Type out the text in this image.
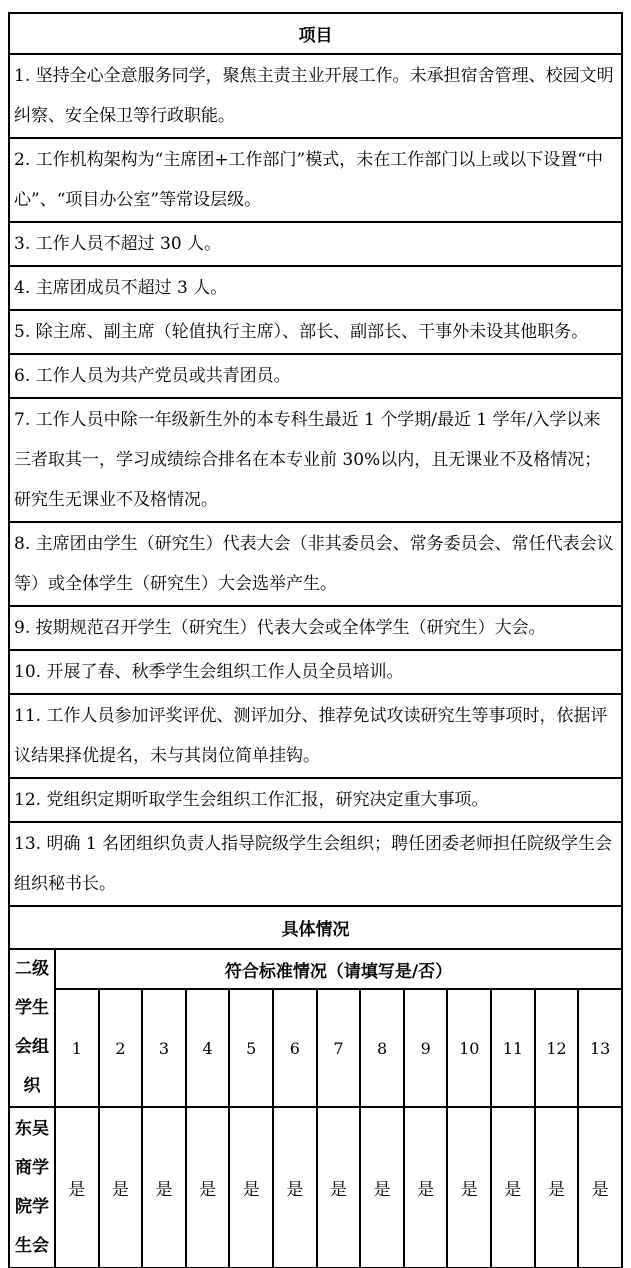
项目													
1. 坚持全心全意服务同学，聚焦主责主业开展工作。未承担宿舍管理、校园文明纠察、安全保卫等行政职能。													
2. 工作机构架构为“主席团+工作部门”模式，未在工作部门以上或以下设置“中心”、“项目办公室”等常设层级。													
3. 工作人员不超过 30 人。													
4. 主席团成员不超过 3 人。													
5. 除主席、副主席（轮值执行主席）、部长、副部长、干事外未设其他职务。													
6. 工作人员为共产党员或共青团员。													
7. 工作人员中除一年级新生外的本专科生最近 1 个学期/最近 1 学年/入学以来三者取其一，学习成绩综合排名在本专业前 30%以内，且无课业不及格情况；研究生无课业不及格情况。													
8. 主席团由学生（研究生）代表大会（非其委员会、常务委员会、常任代表会议等）或全体学生（研究生）大会选举产生。													
9. 按期规范召开学生（研究生）代表大会或全体学生（研究生）大会。													
10. 开展了春、秋季学生会组织工作人员全员培训。													
11. 工作人员参加评奖评优、测评加分、推荐免试攻读研究生等事项时，依据评议结果择优提名，未与其岗位简单挂钩。													
12. 党组织定期听取学生会组织工作汇报，研究决定重大事项。													
13. 明确 1 名团组织负责人指导院级学生会组织；聘任团委老师担任院级学生会组织秘书长。													
具体情况													
二级学生会组织	符合标准情况（请填写是/否）												
	1	2	3	4	5	6	7	8	9	10	11	12	13
东吴商学院学生会	是	是	是	是	是	是	是	是	是	是	是	是	是
